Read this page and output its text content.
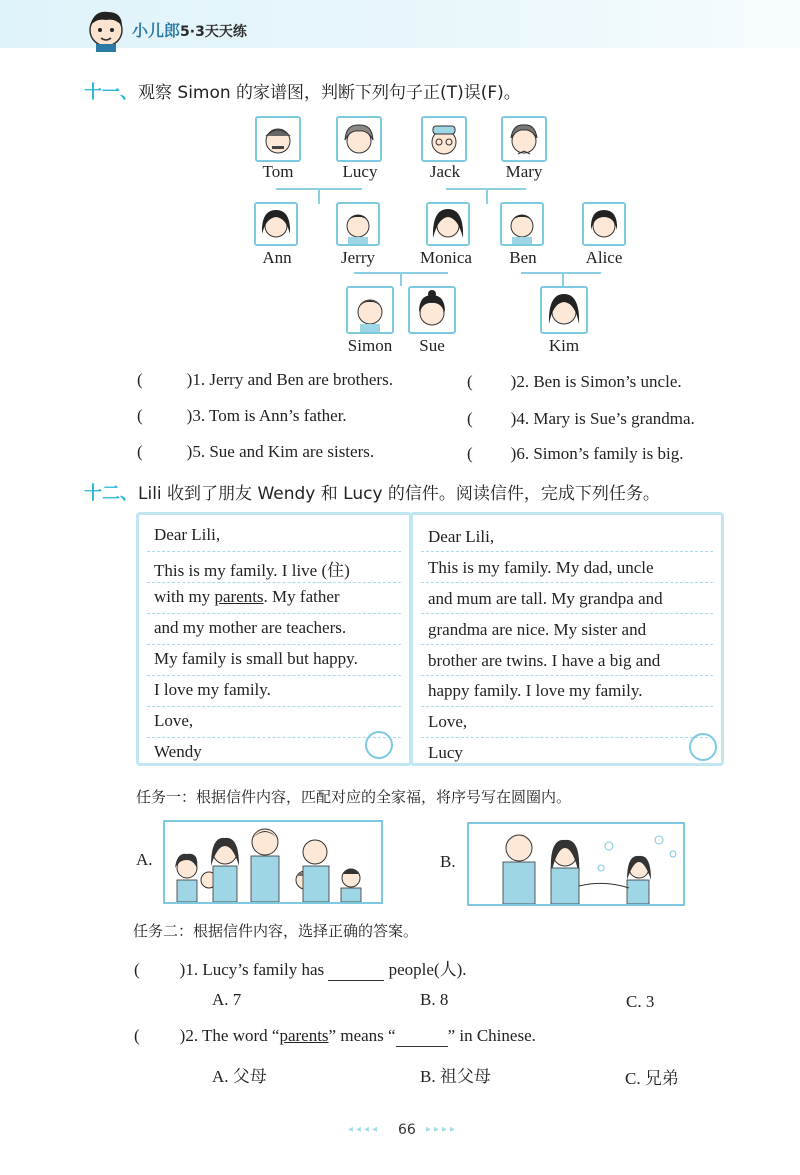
小儿郎5·3天天练
十一、观察 Simon 的家谱图，判断下列句子正(T)误(F)。
Tom	Lucy	Jack	Mary
Ann	Jerry	Monica	Ben	Alice
Simon	Sue	Kim
(	)1. Jerry and Ben are brothers.	( )2. Ben is Simon’s uncle.
(	)3. Tom is Ann’s father.	( )4. Mary is Sue’s grandma.
(	)5. Sue and Kim are sisters.	( )6. Simon’s family is big.
十二、Lili 收到了朋友 Wendy 和 Lucy 的信件。阅读信件，完成下列任务。
Dear Lili,
This is my family. I live (住)
with my parents. My father
and my mother are teachers.
My family is small but happy.
I love my family.
Love,
Wendy
Dear Lili,
This is my family. My dad, uncle
and mum are tall. My grandpa and
grandma are nice. My sister and
brother are twins. I have a big and
happy family. I love my family.
Love,
Lucy
任务一：根据信件内容，匹配对应的全家福，将序号写在圆圈内。
A.	B.
任务二：根据信件内容，选择正确的答案。
( )1. Lucy’s family has	people(人).
A. 7	B. 8	C. 3
( )2. The word “parents” means “	” in Chinese.
A. 父母	B. 祖父母	C. 兄弟
◂◂◂◂ 66 ▸▸▸▸
